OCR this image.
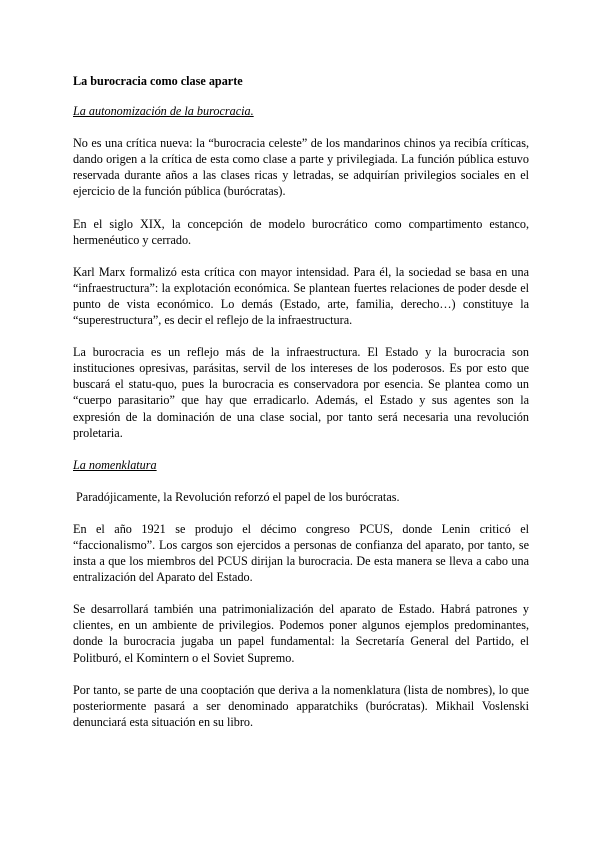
La burocracia como clase aparte
La autonomización de la burocracia.

No es una crítica nueva: la “burocracia celeste” de los mandarinos chinos ya recibía críticas, dando origen a la crítica de esta como clase a parte y privilegiada. La función pública estuvo reservada durante años a las clases ricas y letradas, se adquirían privilegios sociales en el ejercicio de la función pública (burócratas).

En el siglo XIX, la concepción de modelo burocrático como compartimento estanco, hermenéutico y cerrado.

Karl Marx formalizó esta crítica con mayor intensidad. Para él, la sociedad se basa en una “infraestructura”: la explotación económica. Se plantean fuertes relaciones de poder desde el punto de vista económico. Lo demás (Estado, arte, familia, derecho…) constituye la “superestructura”, es decir el reflejo de la infraestructura.

La burocracia es un reflejo más de la infraestructura. El Estado y la burocracia son instituciones opresivas, parásitas, servil de los intereses de los poderosos. Es por esto que buscará el statu-quo, pues la burocracia es conservadora por esencia. Se plantea como un “cuerpo parasitario” que hay que erradicarlo. Además, el Estado y sus agentes son la expresión de la dominación de una clase social, por tanto será necesaria una revolución proletaria.

La nomenklatura

Paradójicamente, la Revolución reforzó el papel de los burócratas.

En el año 1921 se produjo el décimo congreso PCUS, donde Lenin criticó el “faccionalismo”. Los cargos son ejercidos a personas de confianza del aparato, por tanto, se insta a que los miembros del PCUS dirijan la burocracia. De esta manera se lleva a cabo una entralización del Aparato del Estado.

Se desarrollará también una patrimonialización del aparato de Estado. Habrá patrones y clientes, en un ambiente de privilegios. Podemos poner algunos ejemplos predominantes, donde la burocracia jugaba un papel fundamental: la Secretaría General del Partido, el Politburó, el Komintern o el Soviet Supremo.

Por tanto, se parte de una cooptación que deriva a la nomenklatura (lista de nombres), lo que posteriormente pasará a ser denominado apparatchiks (burócratas). Mikhail Voslenski denunciará esta situación en su libro.
